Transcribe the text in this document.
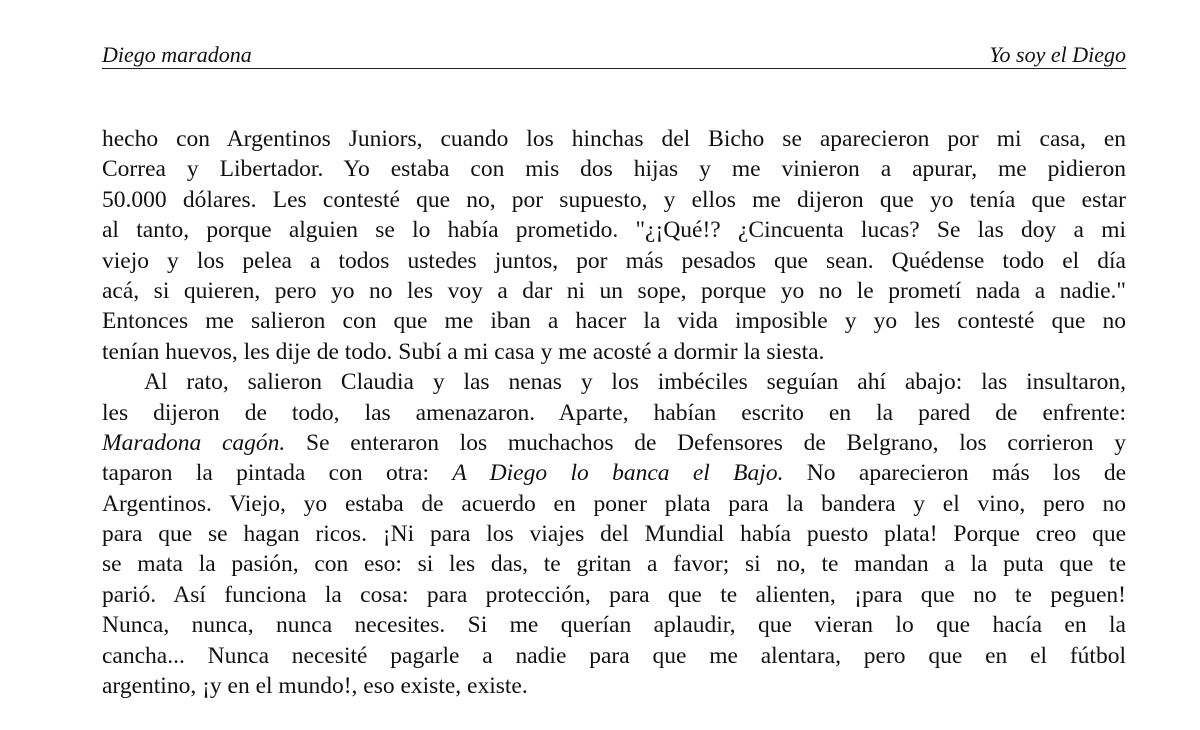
Diego maradona	Yo soy el Diego
hecho con Argentinos Juniors, cuando los hinchas del Bicho se aparecieron por mi casa, en
Correa y Libertador. Yo estaba con mis dos hijas y me vinieron a apurar, me pidieron
50.000 dólares. Les contesté que no, por supuesto, y ellos me dijeron que yo tenía que estar
al tanto, porque alguien se lo había prometido. "¿¡Qué!? ¿Cincuenta lucas? Se las doy a mi
viejo y los pelea a todos ustedes juntos, por más pesados que sean. Quédense todo el día
acá, si quieren, pero yo no les voy a dar ni un sope, porque yo no le prometí nada a nadie."
Entonces me salieron con que me iban a hacer la vida imposible y yo les contesté que no
tenían huevos, les dije de todo. Subí a mi casa y me acosté a dormir la siesta.
Al rato, salieron Claudia y las nenas y los imbéciles seguían ahí abajo: las insultaron,
les dijeron de todo, las amenazaron. Aparte, habían escrito en la pared de enfrente:
Maradona cagón. Se enteraron los muchachos de Defensores de Belgrano, los corrieron y
taparon la pintada con otra: A Diego lo banca el Bajo. No aparecieron más los de
Argentinos. Viejo, yo estaba de acuerdo en poner plata para la bandera y el vino, pero no
para que se hagan ricos. ¡Ni para los viajes del Mundial había puesto plata! Porque creo que
se mata la pasión, con eso: si les das, te gritan a favor; si no, te mandan a la puta que te
parió. Así funciona la cosa: para protección, para que te alienten, ¡para que no te peguen!
Nunca, nunca, nunca necesites. Si me querían aplaudir, que vieran lo que hacía en la
cancha... Nunca necesité pagarle a nadie para que me alentara, pero que en el fútbol
argentino, ¡y en el mundo!, eso existe, existe.
